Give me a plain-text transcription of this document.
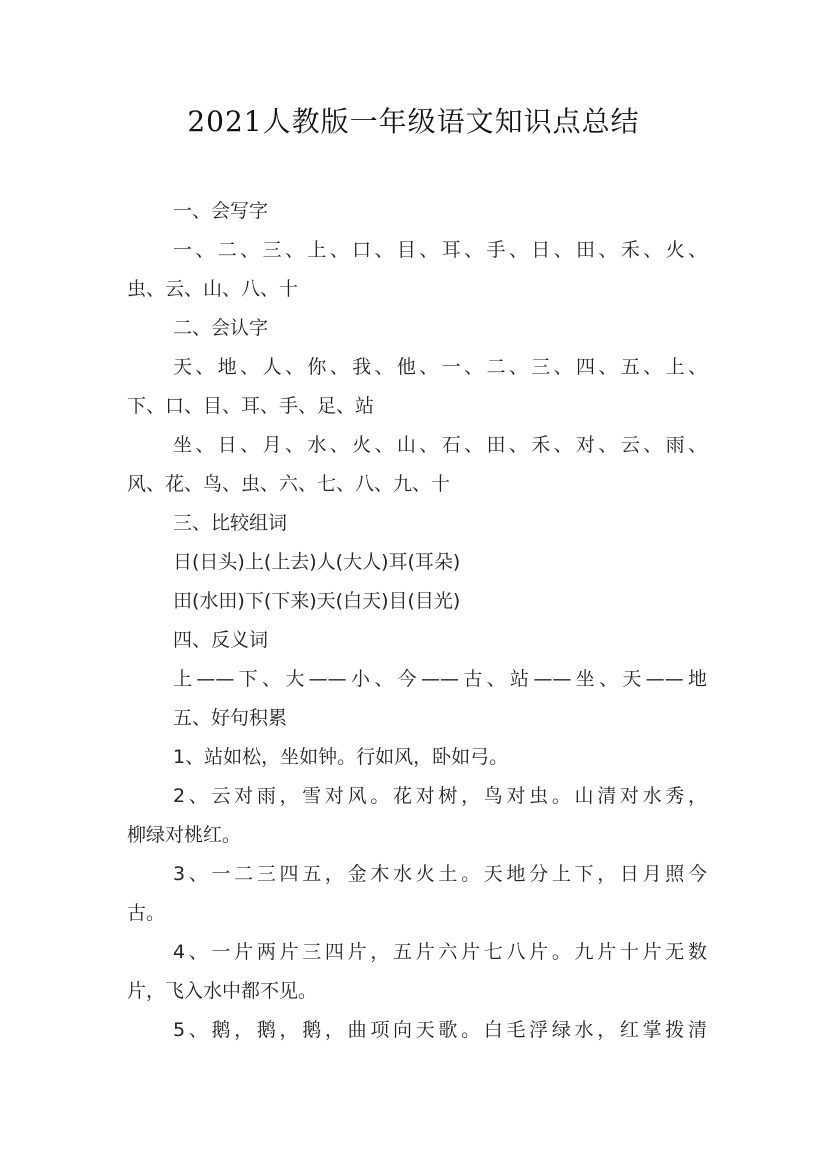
2021人教版一年级语文知识点总结
一、会写字
一、二、三、上、口、目、耳、手、日、田、禾、火、
虫、云、山、八、十
二、会认字
天、地、人、你、我、他、一、二、三、四、五、上、
下、口、目、耳、手、足、站
坐、日、月、水、火、山、石、田、禾、对、云、雨、
风、花、鸟、虫、六、七、八、九、十
三、比较组词
日(日头)上(上去)人(大人)耳(耳朵)
田(水田)下(下来)天(白天)目(目光)
四、反义词
上——下、大——小、今——古、站——坐、天——地
五、好句积累
1、站如松，坐如钟。行如风，卧如弓。
2、云对雨，雪对风。花对树，鸟对虫。山清对水秀，
柳绿对桃红。
3、一二三四五，金木水火土。天地分上下，日月照今
古。
4、一片两片三四片，五片六片七八片。九片十片无数
片，飞入水中都不见。
5、鹅，鹅，鹅，曲项向天歌。白毛浮绿水，红掌拨清
